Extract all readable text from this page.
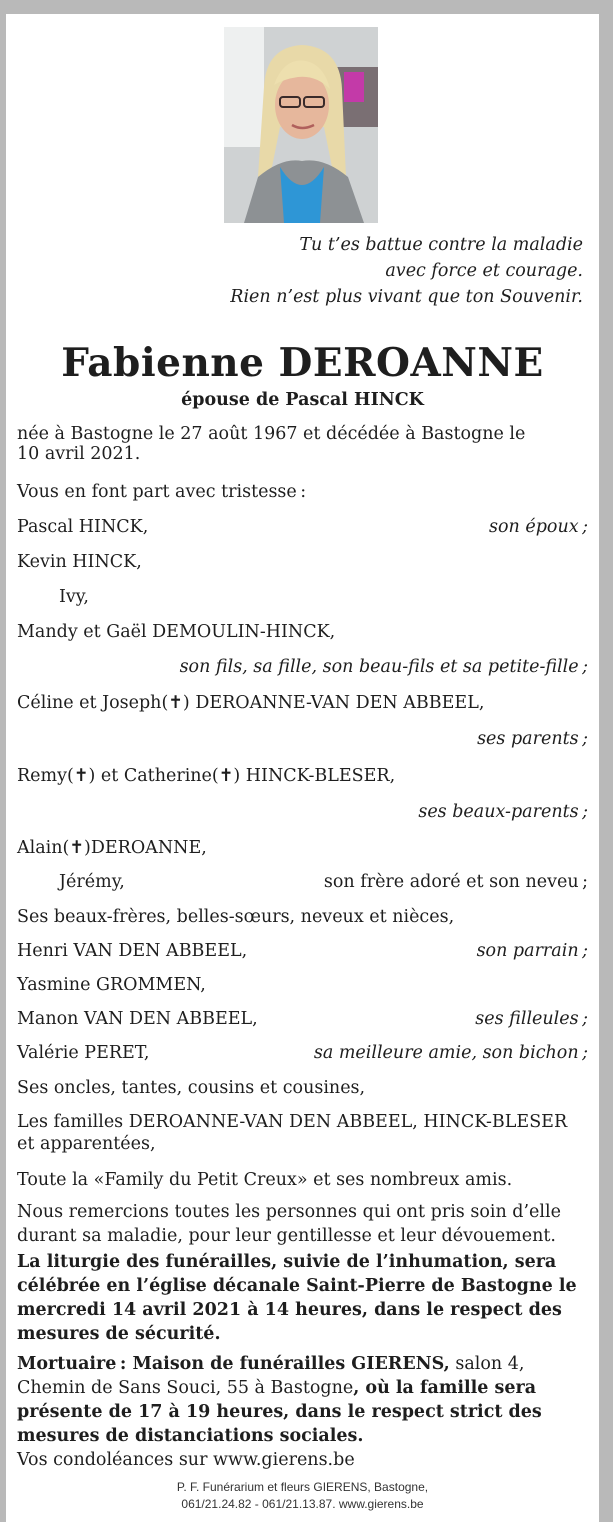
Tu t’es battue contre la maladie
avec force et courage.
Rien n’est plus vivant que ton Souvenir.
Fabienne DEROANNE
épouse de Pascal HINCK
née à Bastogne le 27 août 1967 et décédée à Bastogne le
10 avril 2021.
Vous en font part avec tristesse :
Pascal HINCK,	son époux ;
Kevin HINCK,
Ivy,
Mandy et Gaël DEMOULIN-HINCK,
son fils, sa fille, son beau-fils et sa petite-fille ;
Céline et Joseph(✝) DEROANNE-VAN DEN ABBEEL,
ses parents ;
Remy(✝) et Catherine(✝) HINCK-BLESER,
ses beaux-parents ;
Alain(✝)DEROANNE,
Jérémy,	son frère adoré et son neveu ;
Ses beaux-frères, belles-sœurs, neveux et nièces,
Henri VAN DEN ABBEEL,	son parrain ;
Yasmine GROMMEN,
Manon VAN DEN ABBEEL,	ses filleules ;
Valérie PERET,	sa meilleure amie, son bichon ;
Ses oncles, tantes, cousins et cousines,
Les familles DEROANNE-VAN DEN ABBEEL, HINCK-BLESER et apparentées,
Toute la «Family du Petit Creux» et ses nombreux amis.
Nous remercions toutes les personnes qui ont pris soin d’elle durant sa maladie, pour leur gentillesse et leur dévouement.
La liturgie des funérailles, suivie de l’inhumation, sera célébrée en l’église décanale Saint-Pierre de Bastogne le mercredi 14 avril 2021 à 14 heures, dans le respect des mesures de sécurité.
Mortuaire : Maison de funérailles GIERENS, salon 4, Chemin de Sans Souci, 55 à Bastogne, où la famille sera présente de 17 à 19 heures, dans le respect strict des mesures de distanciations sociales.
Vos condoléances sur www.gierens.be
P. F. Funérarium et fleurs GIERENS, Bastogne,
061/21.24.82 - 061/21.13.87. www.gierens.be
